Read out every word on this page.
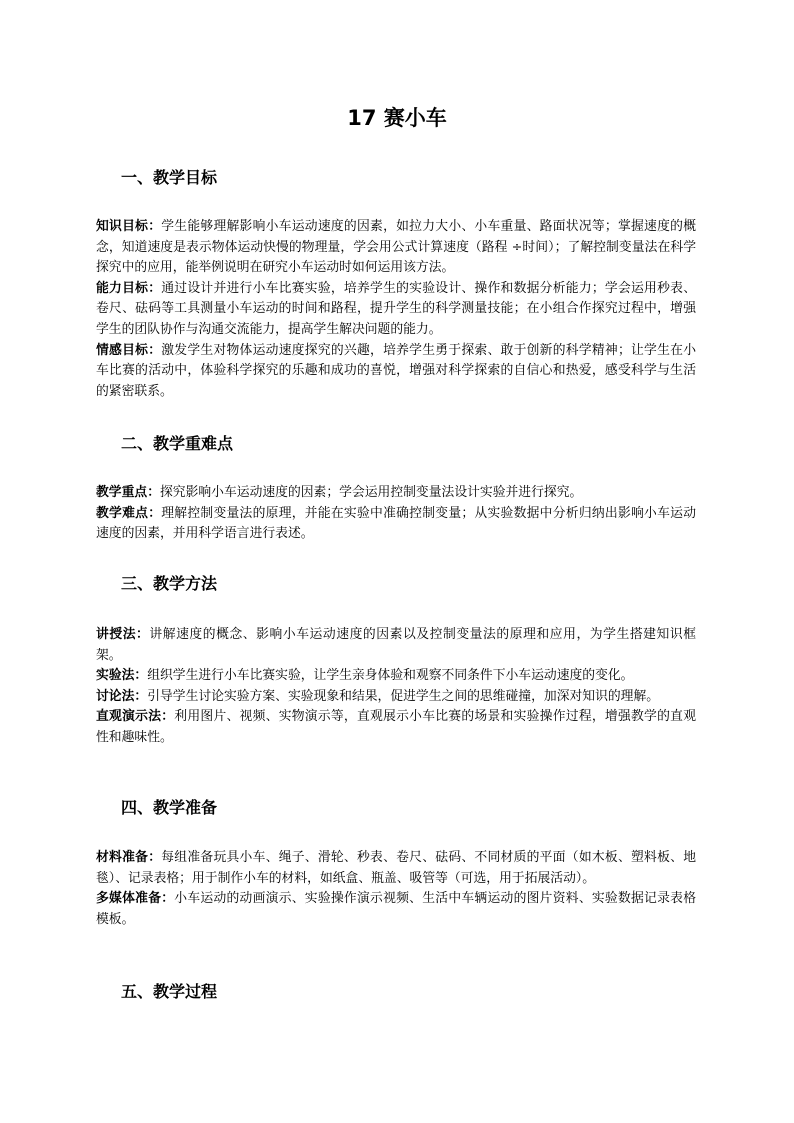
17 赛小车
一、教学目标

知识目标：学生能够理解影响小车运动速度的因素，如拉力大小、小车重量、路面状况等；掌握速度的概念，知道速度是表示物体运动快慢的物理量，学会用公式计算速度（路程 ÷时间）；了解控制变量法在科学探究中的应用，能举例说明在研究小车运动时如何运用该方法。

能力目标：通过设计并进行小车比赛实验，培养学生的实验设计、操作和数据分析能力；学会运用秒表、卷尺、砝码等工具测量小车运动的时间和路程，提升学生的科学测量技能；在小组合作探究过程中，增强学生的团队协作与沟通交流能力，提高学生解决问题的能力。

情感目标：激发学生对物体运动速度探究的兴趣，培养学生勇于探索、敢于创新的科学精神；让学生在小车比赛的活动中，体验科学探究的乐趣和成功的喜悦，增强对科学探索的自信心和热爱，感受科学与生活的紧密联系。

二、教学重难点

教学重点：探究影响小车运动速度的因素；学会运用控制变量法设计实验并进行探究。

教学难点：理解控制变量法的原理，并能在实验中准确控制变量；从实验数据中分析归纳出影响小车运动速度的因素，并用科学语言进行表述。

三、教学方法

讲授法：讲解速度的概念、影响小车运动速度的因素以及控制变量法的原理和应用，为学生搭建知识框架。

实验法：组织学生进行小车比赛实验，让学生亲身体验和观察不同条件下小车运动速度的变化。

讨论法：引导学生讨论实验方案、实验现象和结果，促进学生之间的思维碰撞，加深对知识的理解。

直观演示法：利用图片、视频、实物演示等，直观展示小车比赛的场景和实验操作过程，增强教学的直观性和趣味性。

四、教学准备

材料准备：每组准备玩具小车、绳子、滑轮、秒表、卷尺、砝码、不同材质的平面（如木板、塑料板、地毯）、记录表格；用于制作小车的材料，如纸盒、瓶盖、吸管等（可选，用于拓展活动）。

多媒体准备：小车运动的动画演示、实验操作演示视频、生活中车辆运动的图片资料、实验数据记录表格模板。

五、教学过程
